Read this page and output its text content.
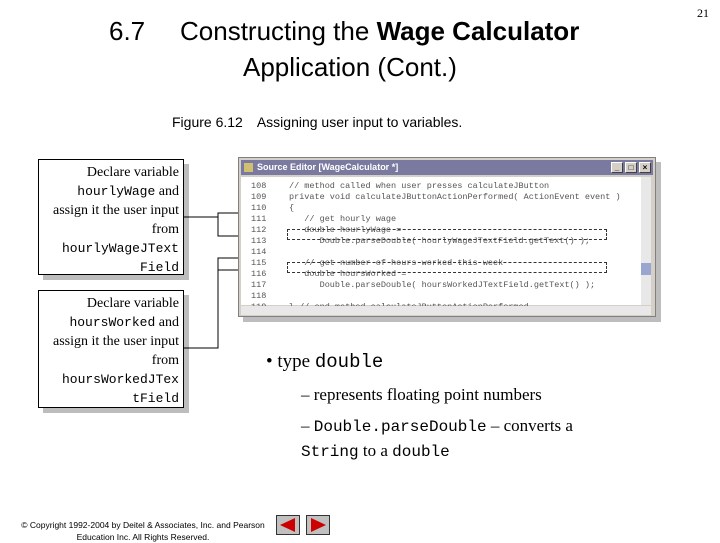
6.7 Constructing the Wage Calculator
Application (Cont.)
21
Figure 6.12 Assigning user input to variables.
Declare variable
hourlyWage and assign it the user input from
hourlyWageJText Field
Declare variable
hoursWorked and assign it the user input from
hoursWorkedJTex tField
Source Editor [WageCalculator *]	_	□	×
108
109
110
111
112
113
114
115
116
117
118
// method called when user presses calculateJButton
private void calculateJButtonActionPerformed( ActionEvent event )
{
// get hourly wage
double hourlyWage =
Double.parseDouble( hourlyWageJTextField.getText() );
// get number of hours worked this week
double hoursWorked =
Double.parseDouble( hoursWorkedJTextField.getText() );
• type double
– represents floating point numbers
– Double.parseDouble – converts a
String to a double
© Copyright 1992-2004 by Deitel & Associates, Inc. and Pearson
Education Inc. All Rights Reserved.
